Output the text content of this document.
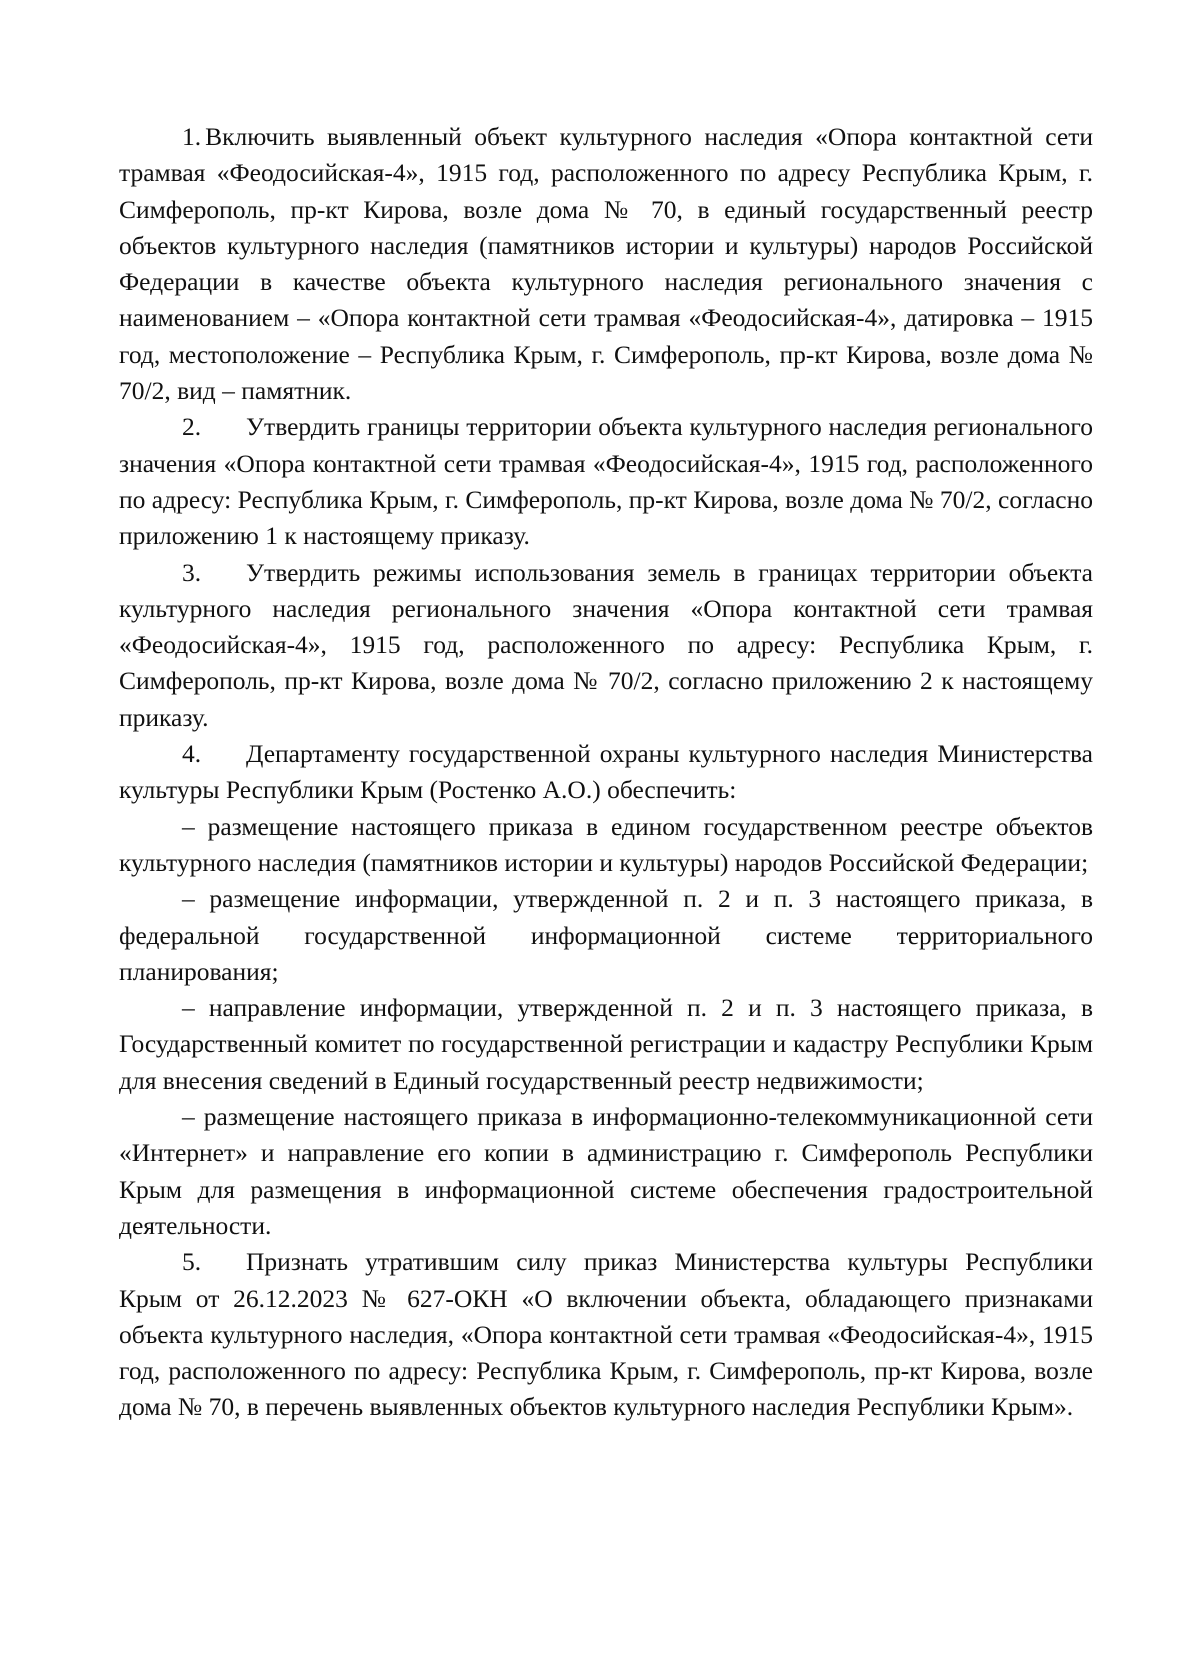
1. Включить выявленный объект культурного наследия «Опора контактной сети трамвая «Феодосийская-4», 1915 год, расположенного по адресу Республика Крым, г. Симферополь, пр-кт Кирова, возле дома № 70, в единый государственный реестр объектов культурного наследия (памятников истории и культуры) народов Российской Федерации в качестве объекта культурного наследия регионального значения с наименованием – «Опора контактной сети трамвая «Феодосийская-4», датировка – 1915 год, местоположение – Республика Крым, г. Симферополь, пр-кт Кирова, возле дома № 70/2, вид – памятник.

2. Утвердить границы территории объекта культурного наследия регионального значения «Опора контактной сети трамвая «Феодосийская-4», 1915 год, расположенного по адресу: Республика Крым, г. Симферополь, пр-кт Кирова, возле дома № 70/2, согласно приложению 1 к настоящему приказу.

3. Утвердить режимы использования земель в границах территории объекта культурного наследия регионального значения «Опора контактной сети трамвая «Феодосийская-4», 1915 год, расположенного по адресу: Республика Крым, г. Симферополь, пр-кт Кирова, возле дома № 70/2, согласно приложению 2 к настоящему приказу.

4. Департаменту государственной охраны культурного наследия Министерства культуры Республики Крым (Ростенко А.О.) обеспечить:

– размещение настоящего приказа в едином государственном реестре объектов культурного наследия (памятников истории и культуры) народов Российской Федерации;

– размещение информации, утвержденной п. 2 и п. 3 настоящего приказа, в федеральной государственной информационной системе территориального планирования;

– направление информации, утвержденной п. 2 и п. 3 настоящего приказа, в Государственный комитет по государственной регистрации и кадастру Республики Крым для внесения сведений в Единый государственный реестр недвижимости;

– размещение настоящего приказа в информационно-телекоммуникационной сети «Интернет» и направление его копии в администрацию г. Симферополь Республики Крым для размещения в информационной системе обеспечения градостроительной деятельности.

5. Признать утратившим силу приказ Министерства культуры Республики Крым от 26.12.2023 № 627-ОКН «О включении объекта, обладающего признаками объекта культурного наследия, «Опора контактной сети трамвая «Феодосийская-4», 1915 год, расположенного по адресу: Республика Крым, г. Симферополь, пр-кт Кирова, возле дома № 70, в перечень выявленных объектов культурного наследия Республики Крым».
